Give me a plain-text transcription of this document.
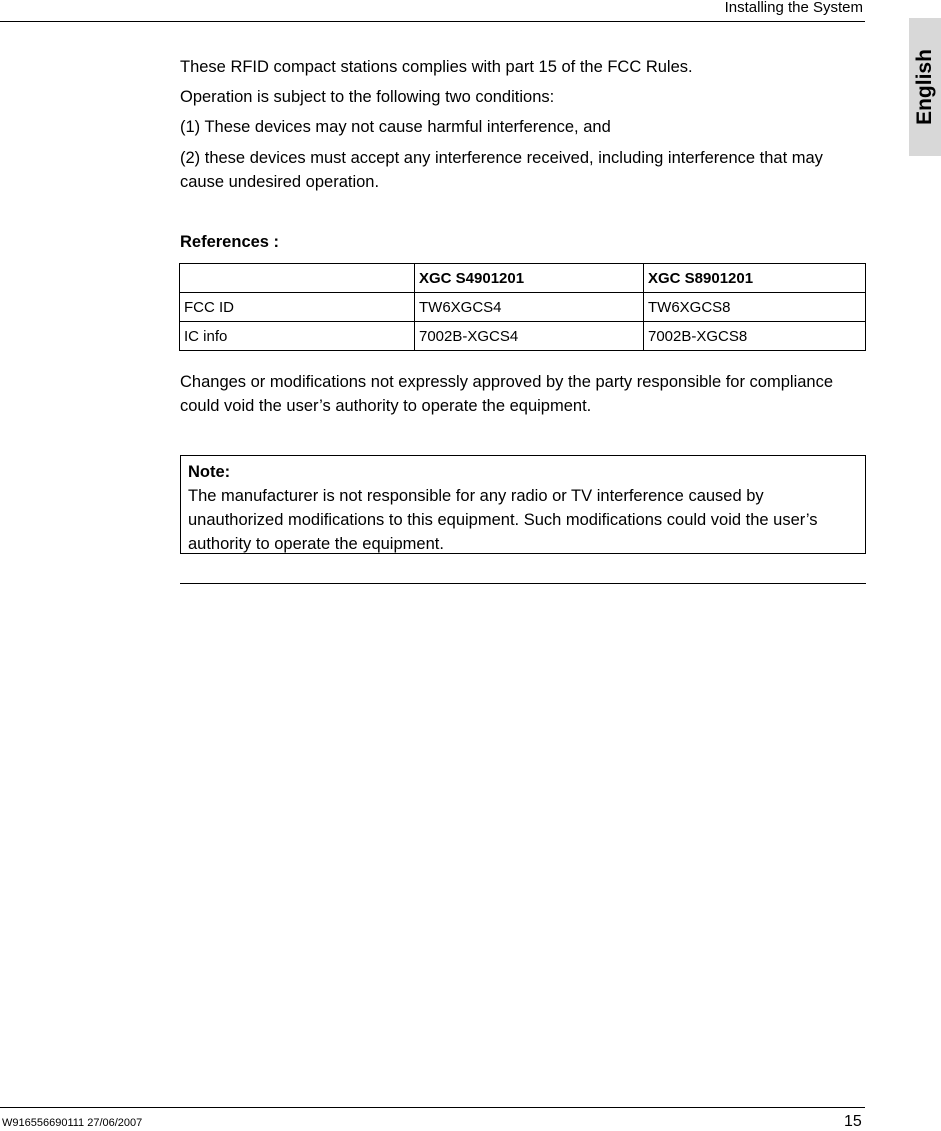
Installing the System
English

These RFID compact stations complies with part 15 of the FCC Rules.

Operation is subject to the following two conditions:

(1) These devices may not cause harmful interference, and

(2) these devices must accept any interference received, including interference that may cause undesired operation.

References :
	XGC S4901201	XGC S8901201
FCC ID	TW6XGCS4	TW6XGCS8
IC info	7002B-XGCS4	7002B-XGCS8

Changes or modifications not expressly approved by the party responsible for compliance could void the user’s authority to operate the equipment.

Note:
The manufacturer is not responsible for any radio or TV interference caused by unauthorized modifications to this equipment. Such modifications could void the user’s authority to operate the equipment.
W916556690111 27/06/2007	15
